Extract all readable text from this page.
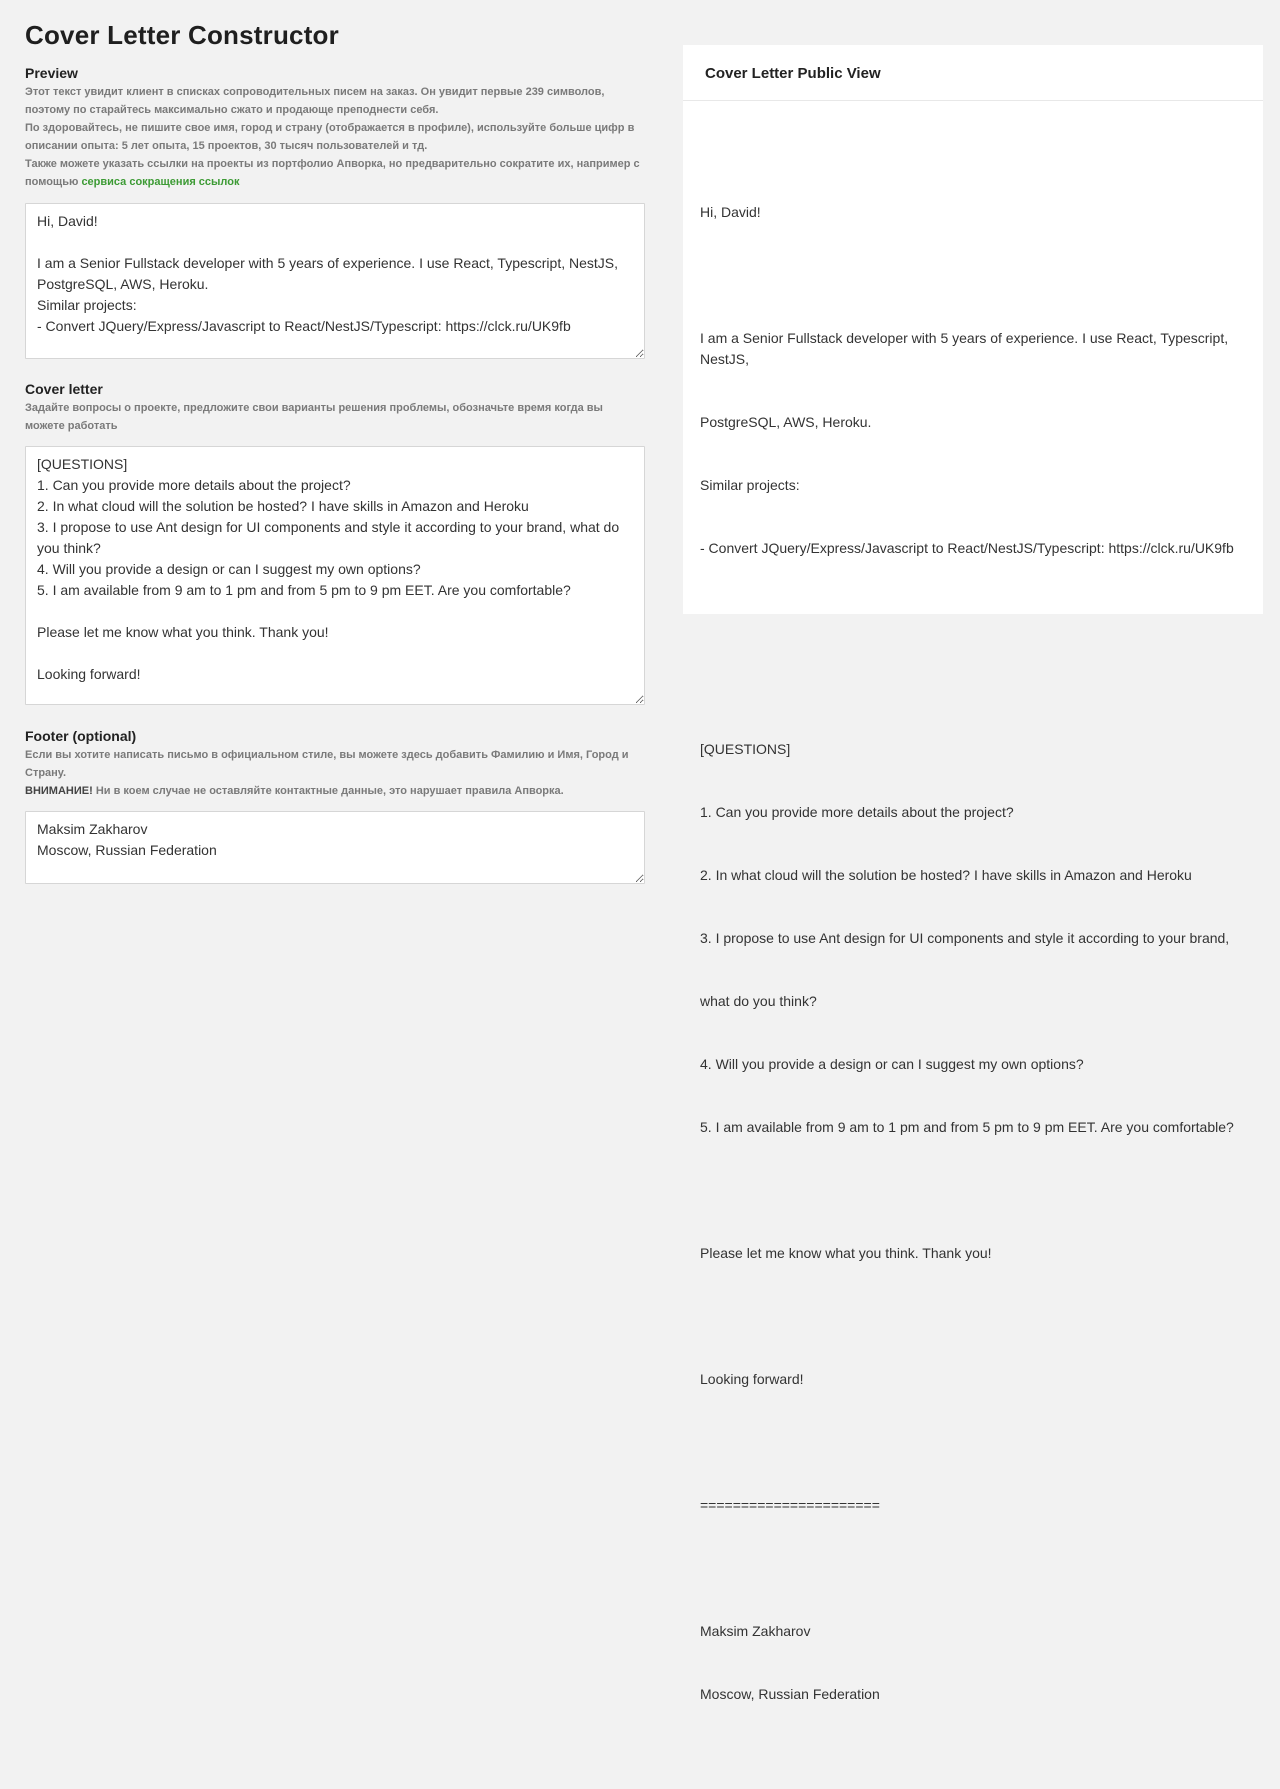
Cover Letter Constructor
Preview

Этот текст увидит клиент в списках сопроводительных писем на заказ. Он увидит первые 239 символов,

поэтому по старайтесь максимально сжато и продающе преподнести себя.

По здоровайтесь, не пишите свое имя, город и страну (отображается в профиле), используйте больше цифр в

описании опыта: 5 лет опыта, 15 проектов, 30 тысяч пользователей и тд.

Также можете указать ссылки на проекты из портфолио Апворка, но предварительно сократите их, например с

помощью сервиса сокращения ссылок

Hi, David! I am a Senior Fullstack developer with 5 years of experience. I use React, Typescript, NestJS, PostgreSQL, AWS, Heroku. Similar projects: - Convert JQuery/Express/Javascript to React/NestJS/Typescript: https://clck.ru/UK9fb
Cover letter

Задайте вопросы о проекте, предложите свои варианты решения проблемы, обозначьте время когда вы

можете работать

[QUESTIONS] 1. Can you provide more details about the project? 2. In what cloud will the solution be hosted? I have skills in Amazon and Heroku 3. I propose to use Ant design for UI components and style it according to your brand, what do you think? 4. Will you provide a design or can I suggest my own options? 5. I am available from 9 am to 1 pm and from 5 pm to 9 pm EET. Are you comfortable? Please let me know what you think. Thank you! Looking forward!
Footer (optional)

Если вы хотите написать письмо в официальном стиле, вы можете здесь добавить Фамилию и Имя, Город и

Страну.

ВНИМАНИЕ! Ни в коем случае не оставляйте контактные данные, это нарушает правила Апворка.

Maksim Zakharov Moscow, Russian Federation
Cover Letter Public View

Hi, David!

I am a Senior Fullstack developer with 5 years of experience. I use React, Typescript, NestJS,

PostgreSQL, AWS, Heroku.

Similar projects:

- Convert JQuery/Express/Javascript to React/NestJS/Typescript: https://clck.ru/UK9fb

[QUESTIONS]

1. Can you provide more details about the project?

2. In what cloud will the solution be hosted? I have skills in Amazon and Heroku

3. I propose to use Ant design for UI components and style it according to your brand,

what do you think?

4. Will you provide a design or can I suggest my own options?

5. I am available from 9 am to 1 pm and from 5 pm to 9 pm EET. Are you comfortable?

Please let me know what you think. Thank you!

Looking forward!

======================

Maksim Zakharov

Moscow, Russian Federation
